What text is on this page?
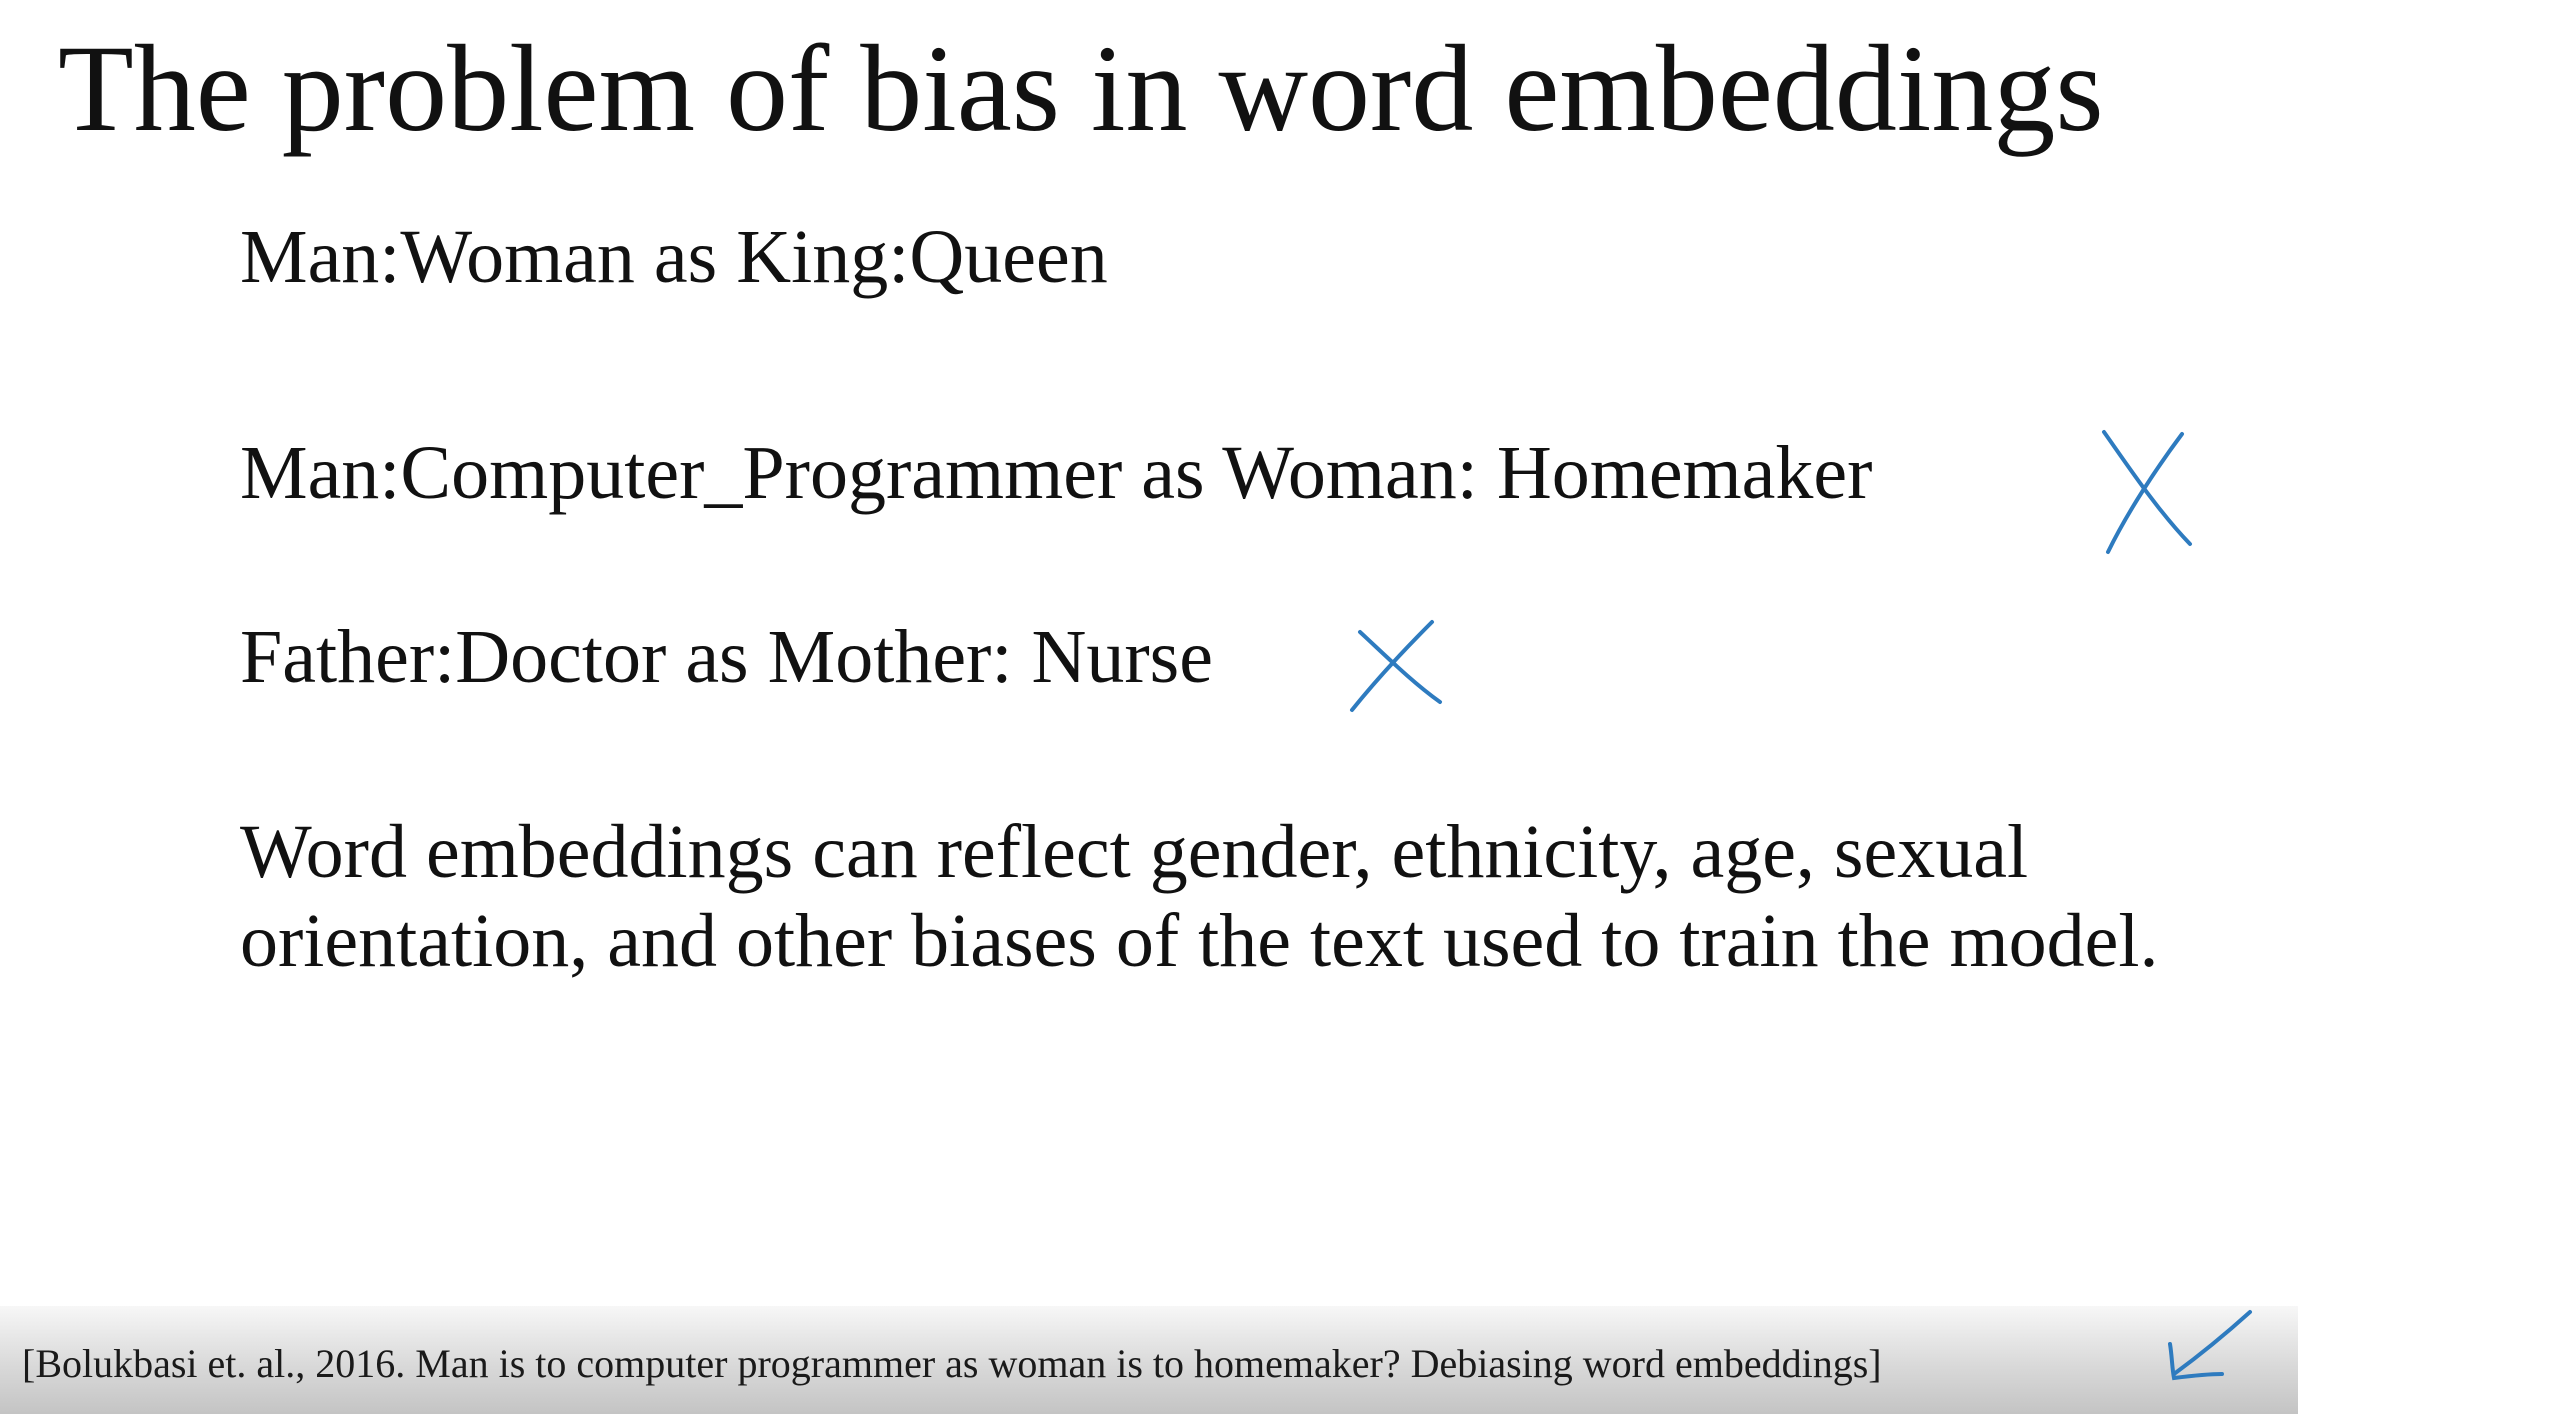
The problem of bias in word embeddings
Man:Woman as King:Queen
Man:Computer_Programmer as Woman: Homemaker
Father:Doctor as Mother: Nurse
Word embeddings can reflect gender, ethnicity, age, sexual orientation, and other biases of the text used to train the model.
[Bolukbasi et. al., 2016. Man is to computer programmer as woman is to homemaker? Debiasing word embeddings]
